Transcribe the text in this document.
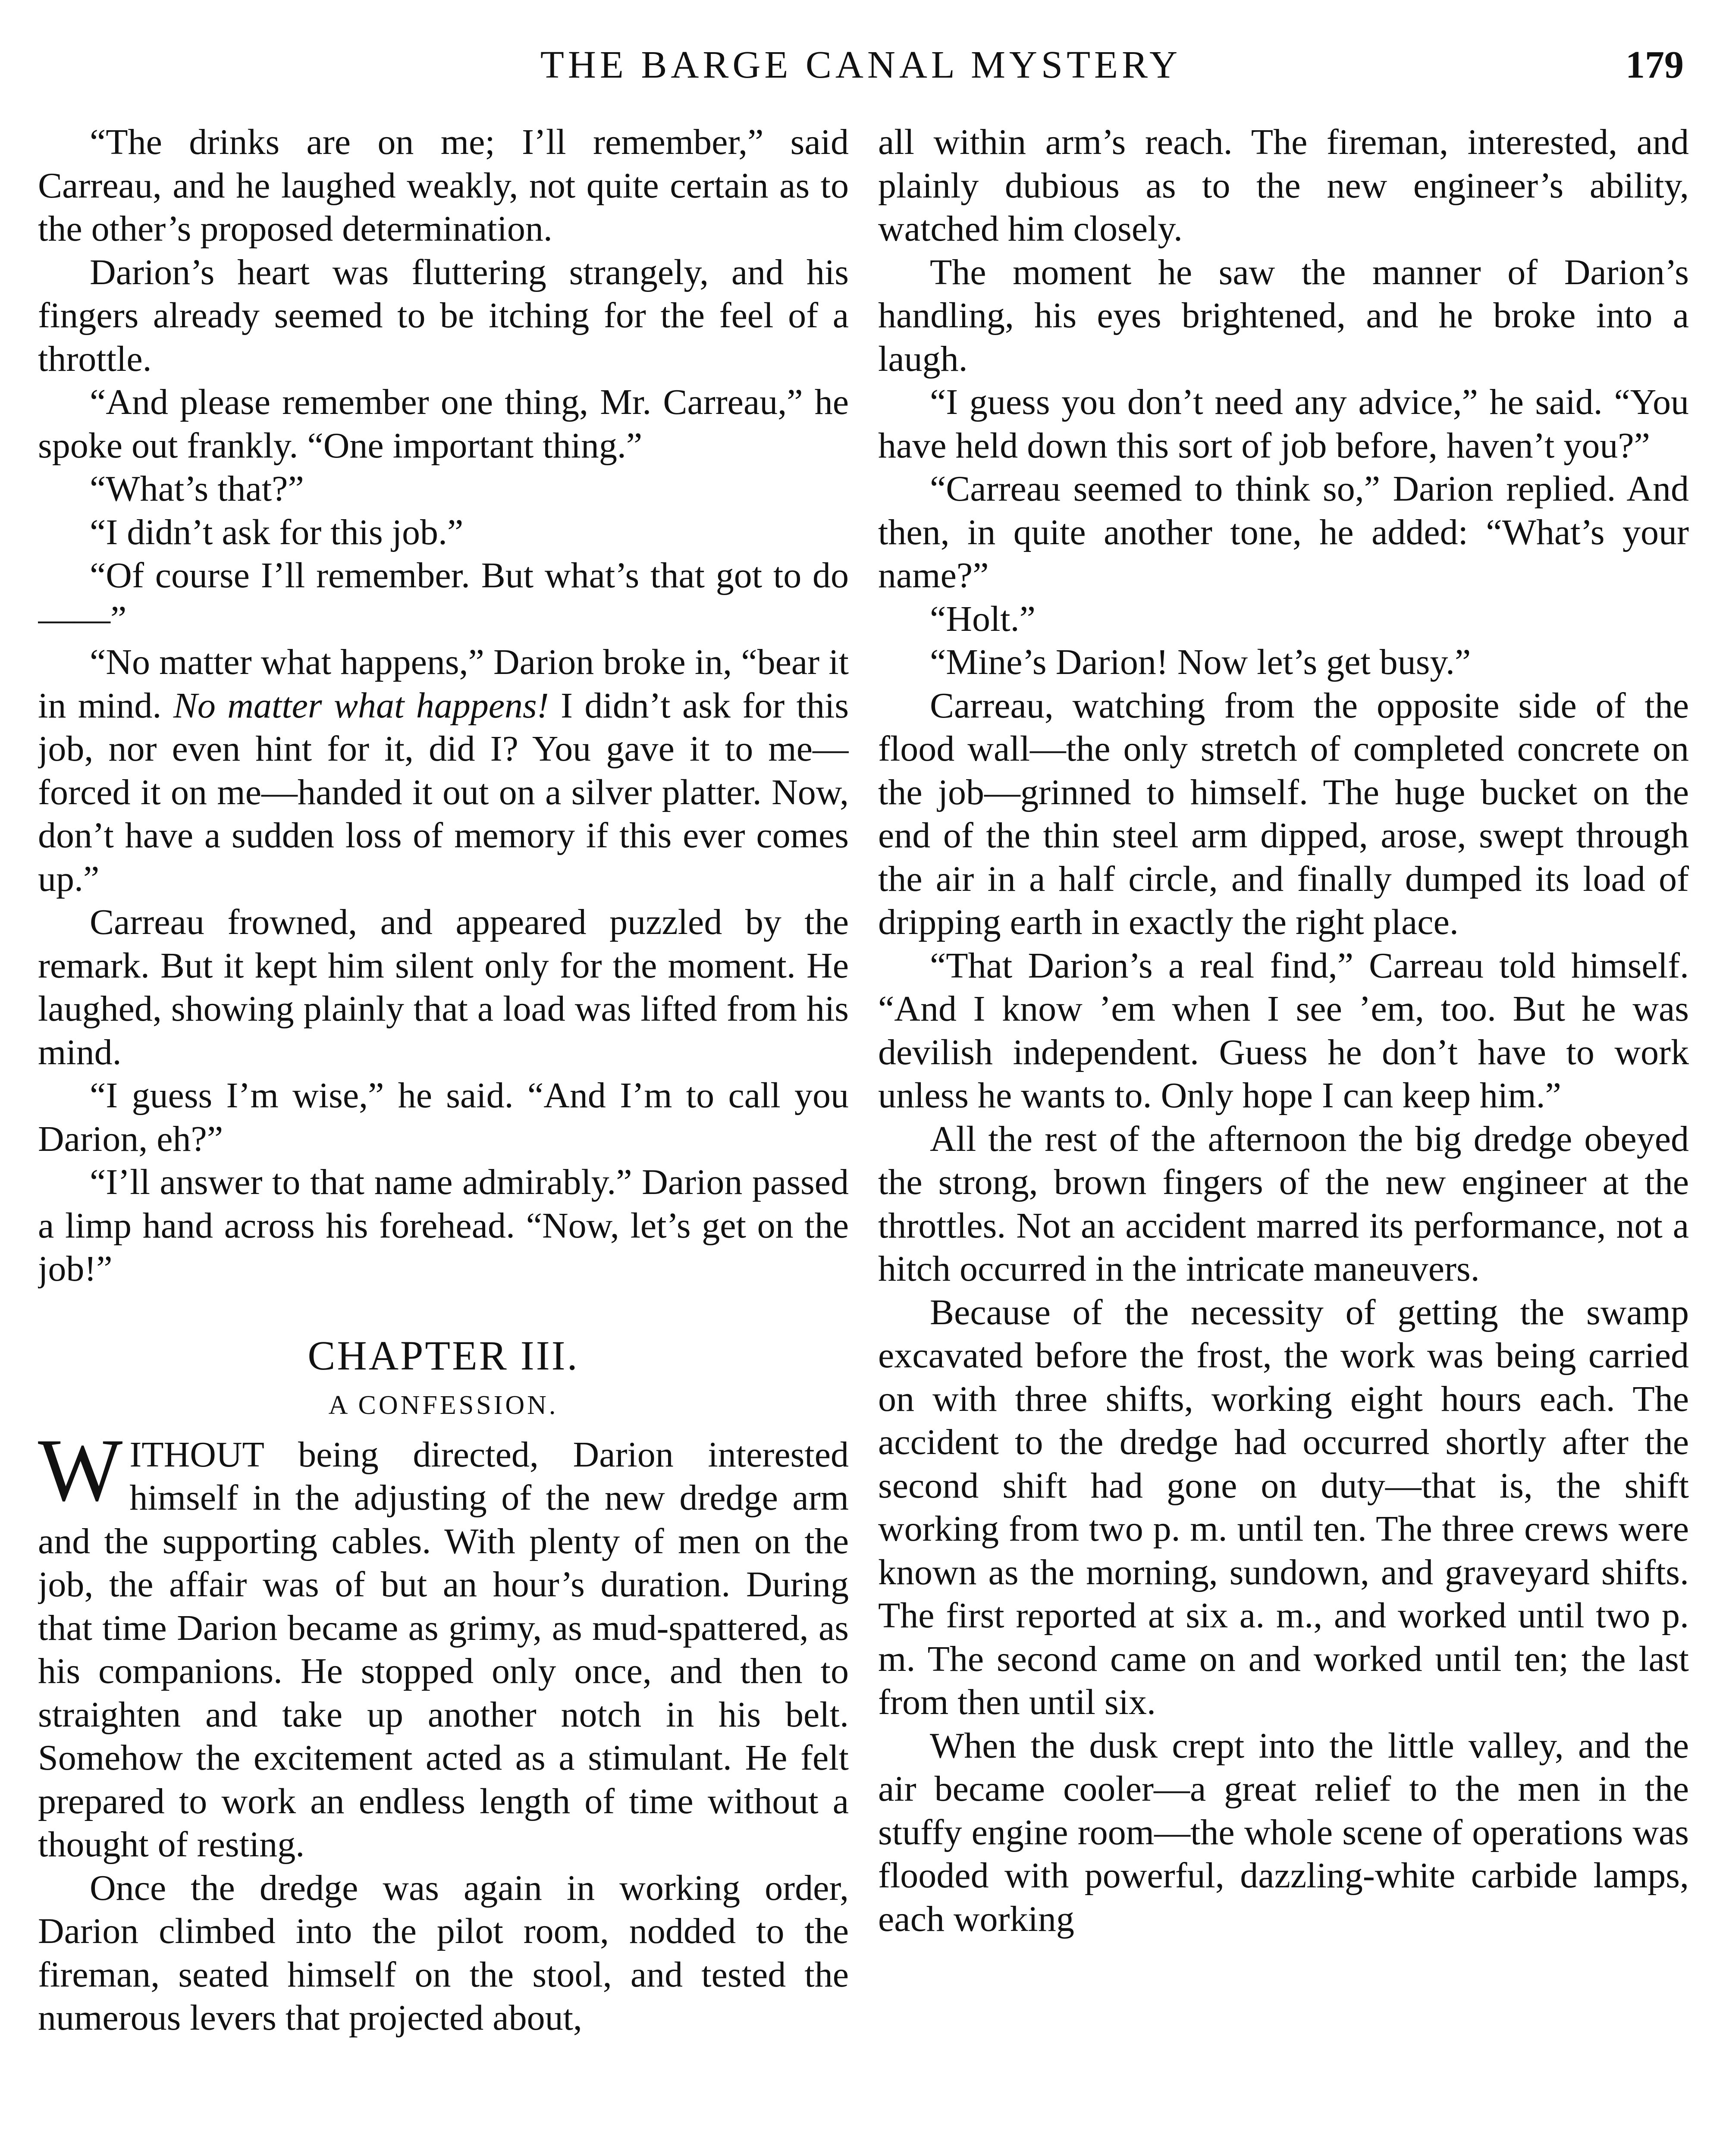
THE BARGE CANAL MYSTERY	179

“The drinks are on me; I’ll remember,” said Carreau, and he laughed weakly, not quite certain as to the other’s proposed determination.

Darion’s heart was fluttering strangely, and his fingers already seemed to be itching for the feel of a throttle.

“And please remember one thing, Mr. Carreau,” he spoke out frankly. “One important thing.”

“What’s that?”

“I didn’t ask for this job.”

“Of course I’ll remember. But what’s that got to do——”

“No matter what happens,” Darion broke in, “bear it in mind. No matter what happens! I didn’t ask for this job, nor even hint for it, did I? You gave it to me—forced it on me—handed it out on a silver platter. Now, don’t have a sudden loss of memory if this ever comes up.”

Carreau frowned, and appeared puzzled by the remark. But it kept him silent only for the moment. He laughed, showing plainly that a load was lifted from his mind.

“I guess I’m wise,” he said. “And I’m to call you Darion, eh?”

“I’ll answer to that name admirably.” Darion passed a limp hand across his forehead. “Now, let’s get on the job!”

CHAPTER III.
A CONFESSION.

WITHOUT being directed, Darion interested himself in the adjusting of the new dredge arm and the supporting cables. With plenty of men on the job, the affair was of but an hour’s duration. During that time Darion became as grimy, as mud-spattered, as his companions. He stopped only once, and then to straighten and take up another notch in his belt. Somehow the excitement acted as a stimulant. He felt prepared to work an endless length of time without a thought of resting.

Once the dredge was again in working order, Darion climbed into the pilot room, nodded to the fireman, seated himself on the stool, and tested the numerous levers that projected about,

all within arm’s reach. The fireman, interested, and plainly dubious as to the new engineer’s ability, watched him closely.

The moment he saw the manner of Darion’s handling, his eyes brightened, and he broke into a laugh.

“I guess you don’t need any advice,” he said. “You have held down this sort of job before, haven’t you?”

“Carreau seemed to think so,” Darion replied. And then, in quite another tone, he added: “What’s your name?”

“Holt.”

“Mine’s Darion! Now let’s get busy.”

Carreau, watching from the opposite side of the flood wall—the only stretch of completed concrete on the job—grinned to himself. The huge bucket on the end of the thin steel arm dipped, arose, swept through the air in a half circle, and finally dumped its load of dripping earth in exactly the right place.

“That Darion’s a real find,” Carreau told himself. “And I know ’em when I see ’em, too. But he was devilish independent. Guess he don’t have to work unless he wants to. Only hope I can keep him.”

All the rest of the afternoon the big dredge obeyed the strong, brown fingers of the new engineer at the throttles. Not an accident marred its performance, not a hitch occurred in the intricate maneuvers.

Because of the necessity of getting the swamp excavated before the frost, the work was being carried on with three shifts, working eight hours each. The accident to the dredge had occurred shortly after the second shift had gone on duty—that is, the shift working from two p. m. until ten. The three crews were known as the morning, sundown, and graveyard shifts. The first reported at six a. m., and worked until two p. m. The second came on and worked until ten; the last from then until six.

When the dusk crept into the little valley, and the air became cooler—a great relief to the men in the stuffy engine room—the whole scene of operations was flooded with powerful, dazzling-white carbide lamps, each working
